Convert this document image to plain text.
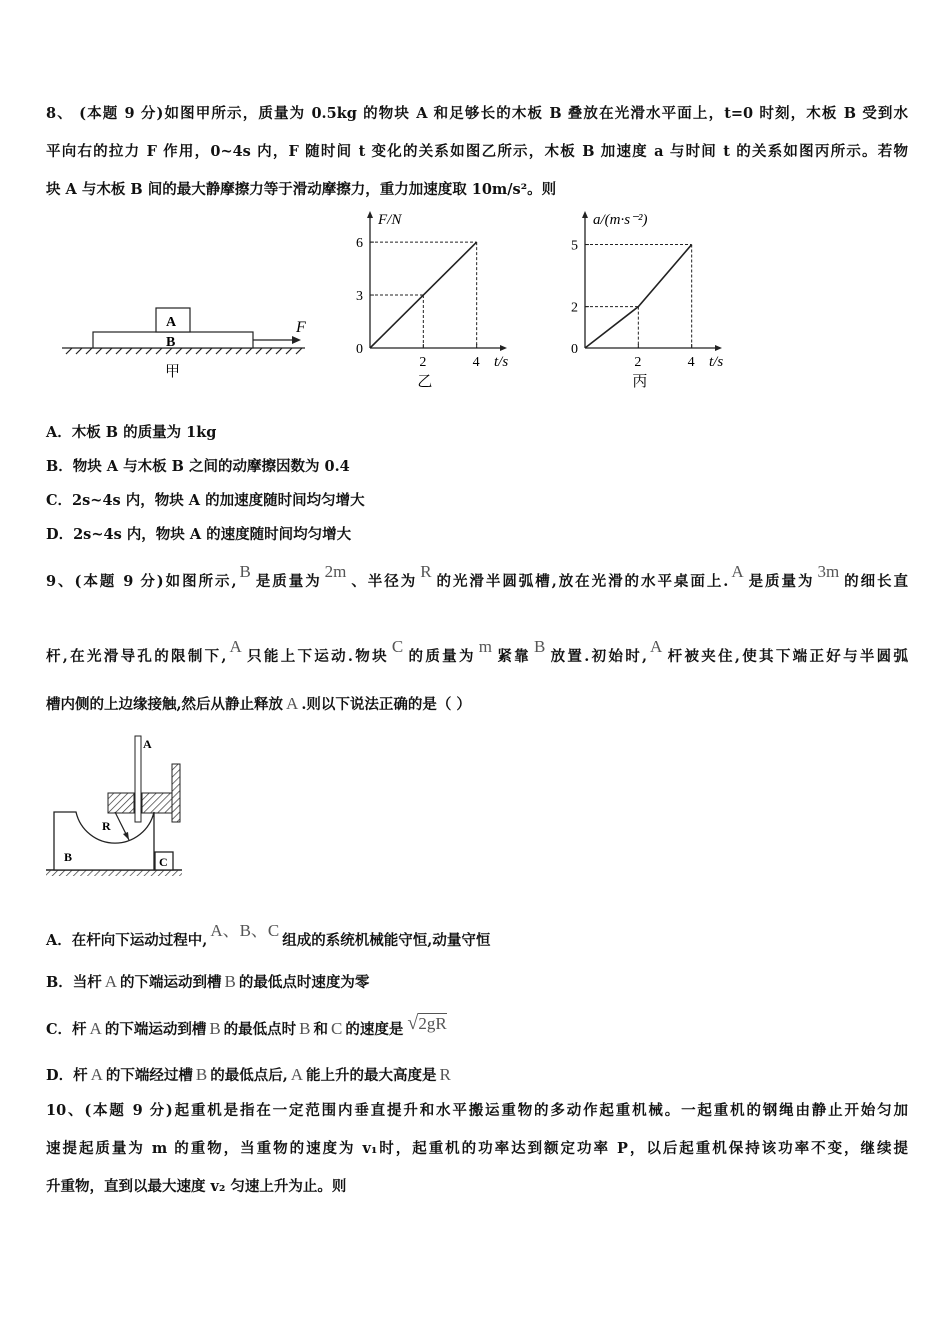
8、 (本题 9 分)如图甲所示，质量为 0.5kg 的物块 A 和足够长的木板 B 叠放在光滑水平面上，t=0 时刻，木板 B 受到水
平向右的拉力 F 作用，0~4s 内，F 随时间 t 变化的关系如图乙所示，木板 B 加速度 a 与时间 t 的关系如图丙所示。若物
块 A 与木板 B 间的最大静摩擦力等于滑动摩擦力，重力加速度取 10m/s²。则
A
B
F
甲
F/N
t/s
0
2	4
3
6
乙
a/(m·s⁻²)
t/s
0
2	4
2
5
丙
A．木板 B 的质量为 1kg
B．物块 A 与木板 B 之间的动摩擦因数为 0.4
C．2s~4s 内，物块 A 的加速度随时间均匀增大
D．2s~4s 内，物块 A 的速度随时间均匀增大
9、(本题 9 分)如图所示,B是质量为2m、半径为R的光滑半圆弧槽,放在光滑的水平桌面上.A是质量为3m的细长直
杆,在光滑导孔的限制下,A只能上下运动.物块C的质量为m紧靠B放置.初始时,A杆被夹住,使其下端正好与半圆弧
槽内侧的上边缘接触,然后从静止释放 A .则以下说法正确的是（ ）
A
B
R
C
A．在杆向下运动过程中,A、B、C组成的系统机械能守恒,动量守恒
B．当杆 A 的下端运动到槽 B 的最低点时速度为零
C．杆 A 的下端运动到槽 B 的最低点时 B 和 C 的速度是 √2gR
D．杆 A 的下端经过槽 B 的最低点后, A 能上升的最大高度是 R
10、(本题 9 分)起重机是指在一定范围内垂直提升和水平搬运重物的多动作起重机械。一起重机的钢绳由静止开始匀加
速提起质量为 m 的重物，当重物的速度为 v₁时，起重机的功率达到额定功率 P，以后起重机保持该功率不变，继续提
升重物，直到以最大速度 v₂ 匀速上升为止。则
